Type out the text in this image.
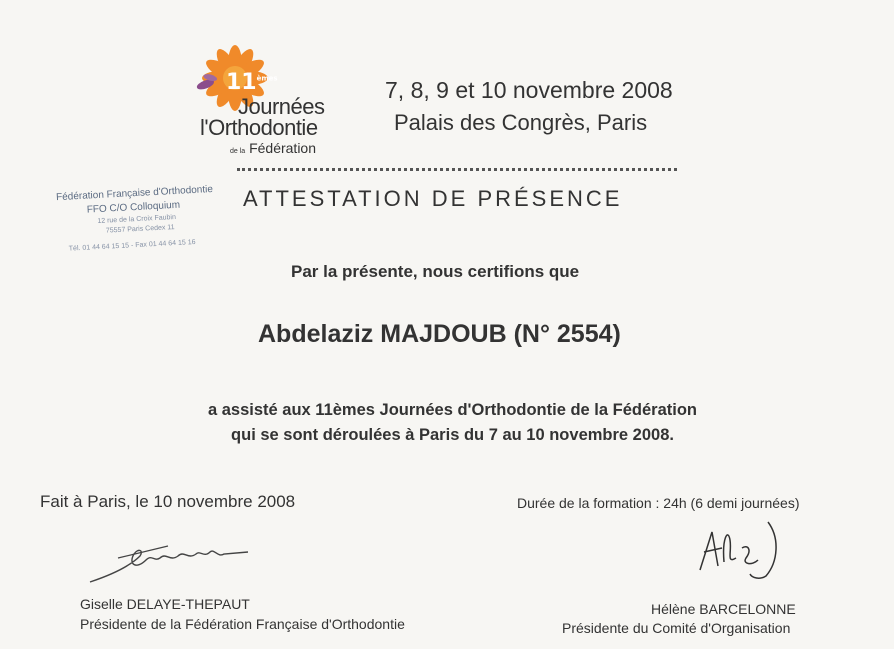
11èmes
Journées
l'Orthodontie
de la Fédération
7, 8, 9 et 10 novembre 2008
Palais des Congrès, Paris
Fédération Française d'Orthodontie
FFO C/O Colloquium
12 rue de la Croix Faubin
75557 Paris Cedex 11
Tél. 01 44 64 15 15 - Fax 01 44 64 15 16
ATTESTATION DE PRÉSENCE
Par la présente, nous certifions que
Abdelaziz MAJDOUB (N° 2554)
a assisté aux 11èmes Journées d'Orthodontie de la Fédération
qui se sont déroulées à Paris du 7 au 10 novembre 2008.
Fait à Paris, le 10 novembre 2008	Durée de la formation : 24h (6 demi journées)
Giselle DELAYE-THEPAUT
Présidente de la Fédération Française d'Orthodontie
Hélène BARCELONNE
Présidente du Comité d'Organisation
